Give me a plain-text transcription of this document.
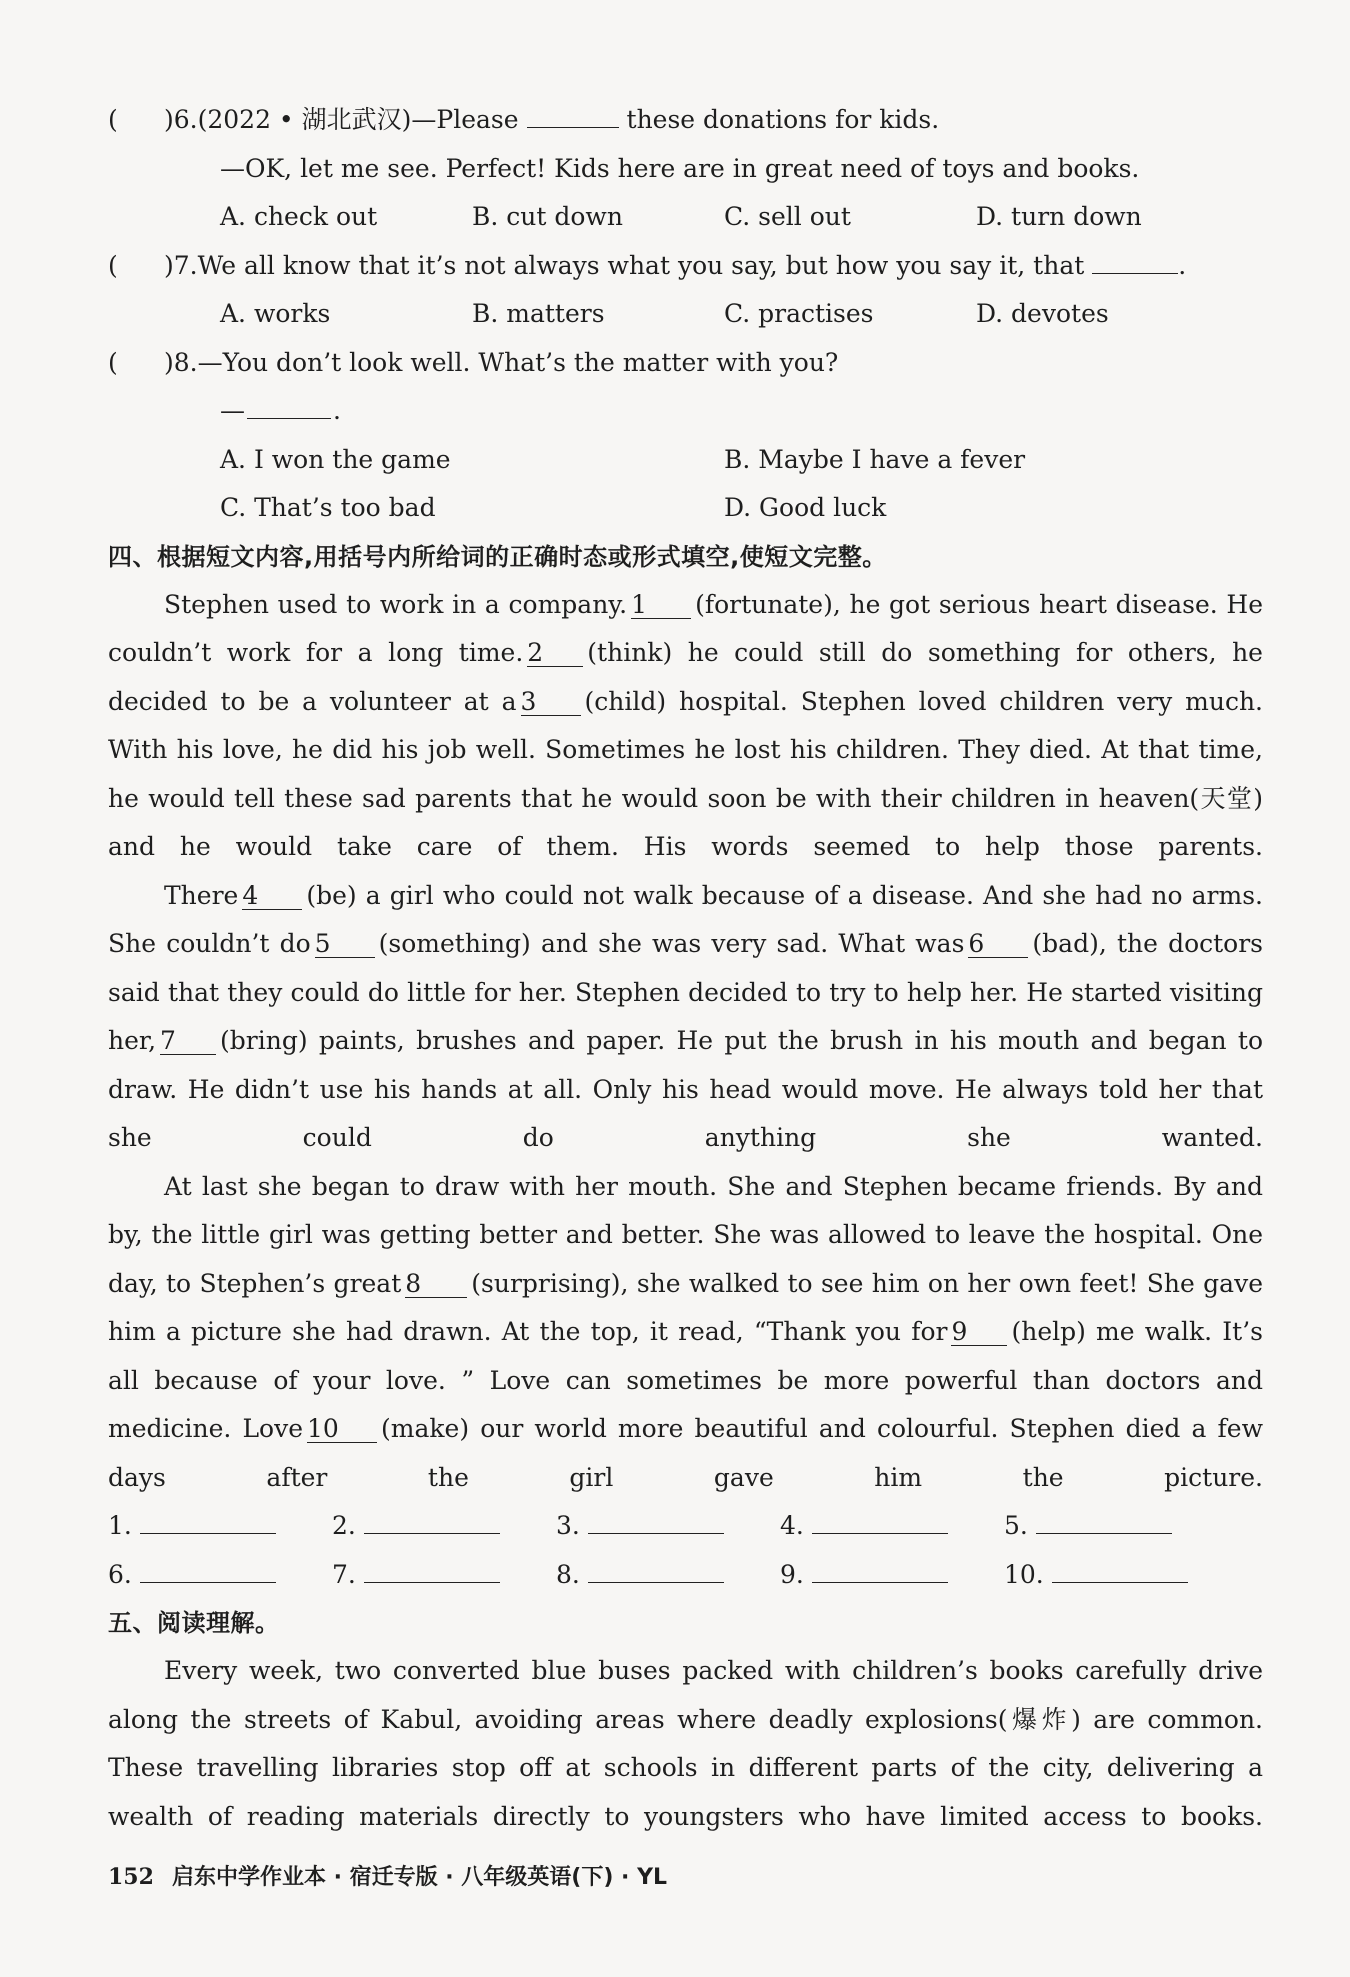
(	)6. (2022 • 湖北武汉)—Please	these donations for kids.
—OK, let me see. Perfect! Kids here are in great need of toys and books.
A. check out	B. cut down	C. sell out	D. turn down
(	)7. We all know that it’s not always what you say, but how you say it, that	.
A. works	B. matters	C. practises	D. devotes
(	)8. —You don’t look well. What’s the matter with you?
—	.
A. I won the game	B. Maybe I have a fever
C. That’s too bad	D. Good luck
四、根据短文内容,用括号内所给词的正确时态或形式填空,使短文完整。

Stephen used to work in a company. 1 (fortunate), he got serious heart disease. He couldn’t work for a long time. 2 (think) he could still do something for others, he decided to be a volunteer at a 3 (child) hospital. Stephen loved children very much. With his love, he did his job well. Sometimes he lost his children. They died. At that time, he would tell these sad parents that he would soon be with their children in heaven(天堂) and he would take care of them. His words seemed to help those parents.

There 4 (be) a girl who could not walk because of a disease. And she had no arms. She couldn’t do 5 (something) and she was very sad. What was 6 (bad), the doctors said that they could do little for her. Stephen decided to try to help her. He started visiting her, 7 (bring) paints, brushes and paper. He put the brush in his mouth and began to draw. He didn’t use his hands at all. Only his head would move. He always told her that she could do anything she wanted.

At last she began to draw with her mouth. She and Stephen became friends. By and by, the little girl was getting better and better. She was allowed to leave the hospital. One day, to Stephen’s great 8 (surprising), she walked to see him on her own feet! She gave him a picture she had drawn. At the top, it read, “Thank you for 9 (help) me walk. It’s all because of your love. ” Love can sometimes be more powerful than doctors and medicine. Love 10 (make) our world more beautiful and colourful. Stephen died a few days after the girl gave him the picture.

1.	2.	3.	4.	5.
6.	7.	8.	9.	10.
五、阅读理解。

Every week, two converted blue buses packed with children’s books carefully drive along the streets of Kabul, avoiding areas where deadly explosions(爆炸) are common. These travelling libraries stop off at schools in different parts of the city, delivering a wealth of reading materials directly to youngsters who have limited access to books.

152 启东中学作业本 · 宿迁专版 · 八年级英语(下) · YL
